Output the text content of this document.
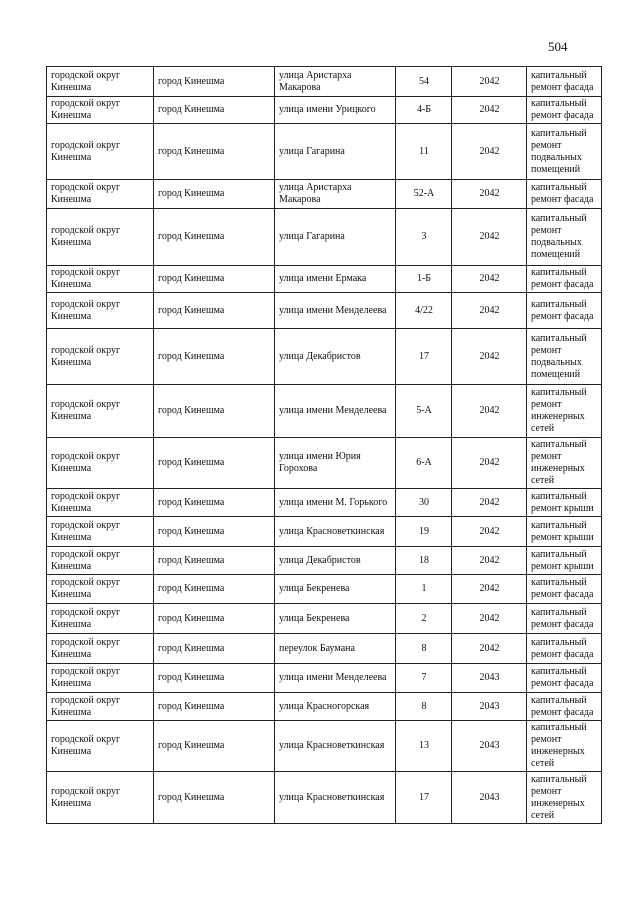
504
городской округ Кинешма	город Кинешма	улица Аристарха Макарова	54	2042	капитальный ремонт фасада
городской округ Кинешма	город Кинешма	улица имени Урицкого	4-Б	2042	капитальный ремонт фасада
городской округ Кинешма	город Кинешма	улица Гагарина	11	2042	капитальный ремонт подвальных помещений
городской округ Кинешма	город Кинешма	улица Аристарха Макарова	52-А	2042	капитальный ремонт фасада
городской округ Кинешма	город Кинешма	улица Гагарина	3	2042	капитальный ремонт подвальных помещений
городской округ Кинешма	город Кинешма	улица имени Ермака	1-Б	2042	капитальный ремонт фасада
городской округ Кинешма	город Кинешма	улица имени Менделеева	4/22	2042	капитальный ремонт фасада
городской округ Кинешма	город Кинешма	улица Декабристов	17	2042	капитальный ремонт подвальных помещений
городской округ Кинешма	город Кинешма	улица имени Менделеева	5-А	2042	капитальный ремонт инженерных сетей
городской округ Кинешма	город Кинешма	улица имени Юрия Горохова	6-А	2042	капитальный ремонт инженерных сетей
городской округ Кинешма	город Кинешма	улица имени М. Горького	30	2042	капитальный ремонт крыши
городской округ Кинешма	город Кинешма	улица Красноветкинская	19	2042	капитальный ремонт крыши
городской округ Кинешма	город Кинешма	улица Декабристов	18	2042	капитальный ремонт крыши
городской округ Кинешма	город Кинешма	улица Бекренева	1	2042	капитальный ремонт фасада
городской округ Кинешма	город Кинешма	улица Бекренева	2	2042	капитальный ремонт фасада
городской округ Кинешма	город Кинешма	переулок Баумана	8	2042	капитальный ремонт фасада
городской округ Кинешма	город Кинешма	улица имени Менделеева	7	2043	капитальный ремонт фасада
городской округ Кинешма	город Кинешма	улица Красногорская	8	2043	капитальный ремонт фасада
городской округ Кинешма	город Кинешма	улица Красноветкинская	13	2043	капитальный ремонт инженерных сетей
городской округ Кинешма	город Кинешма	улица Красноветкинская	17	2043	капитальный ремонт инженерных сетей
